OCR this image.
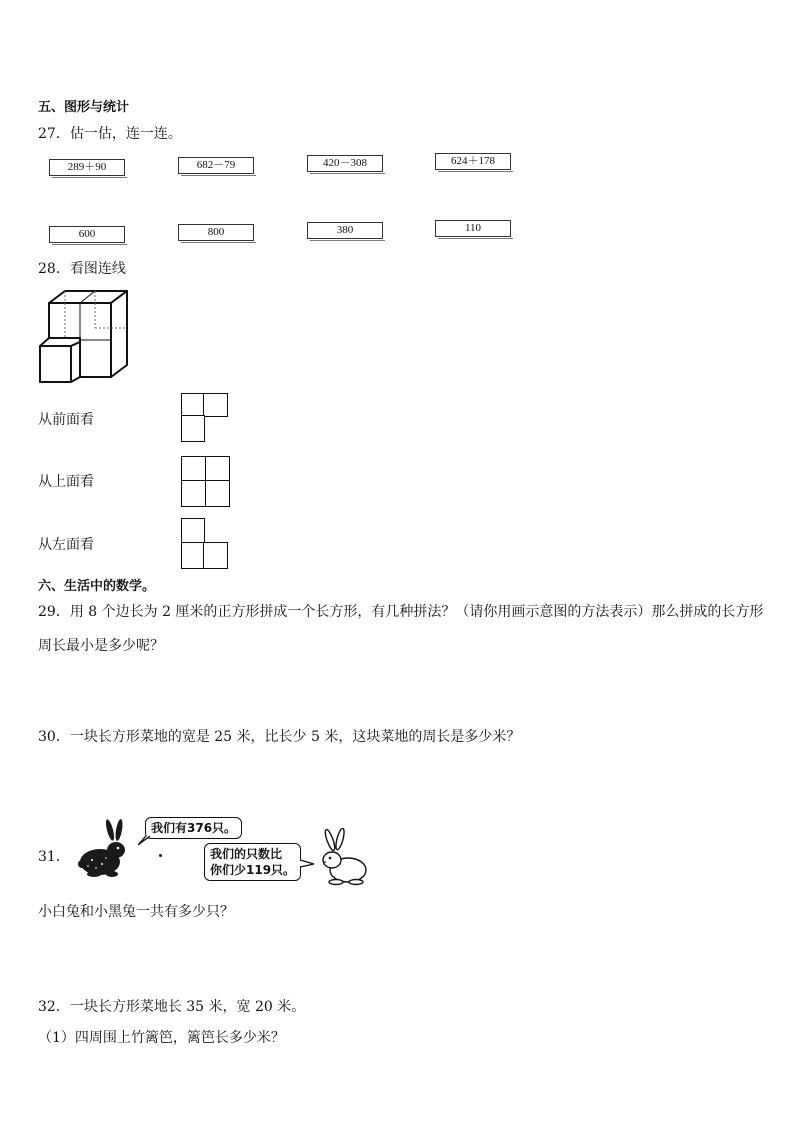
五、图形与统计
27．估一估，连一连。
289＋90	682－79	420－308	624＋178
600	800	380	110
28．看图连线
从前面看
从上面看
从左面看
六、生活中的数学。
29．用 8 个边长为 2 厘米的正方形拼成一个长方形，有几种拼法？（请你用画示意图的方法表示）那么拼成的长方形
周长最小是多少呢？
30．一块长方形菜地的宽是 25 米，比长少 5 米，这块菜地的周长是多少米？
31．
我们有376只。
我们的只数比
你们少119只。
小白兔和小黑兔一共有多少只？
32．一块长方形菜地长 35 米，宽 20 米。
（1）四周围上竹篱笆，篱笆长多少米？
